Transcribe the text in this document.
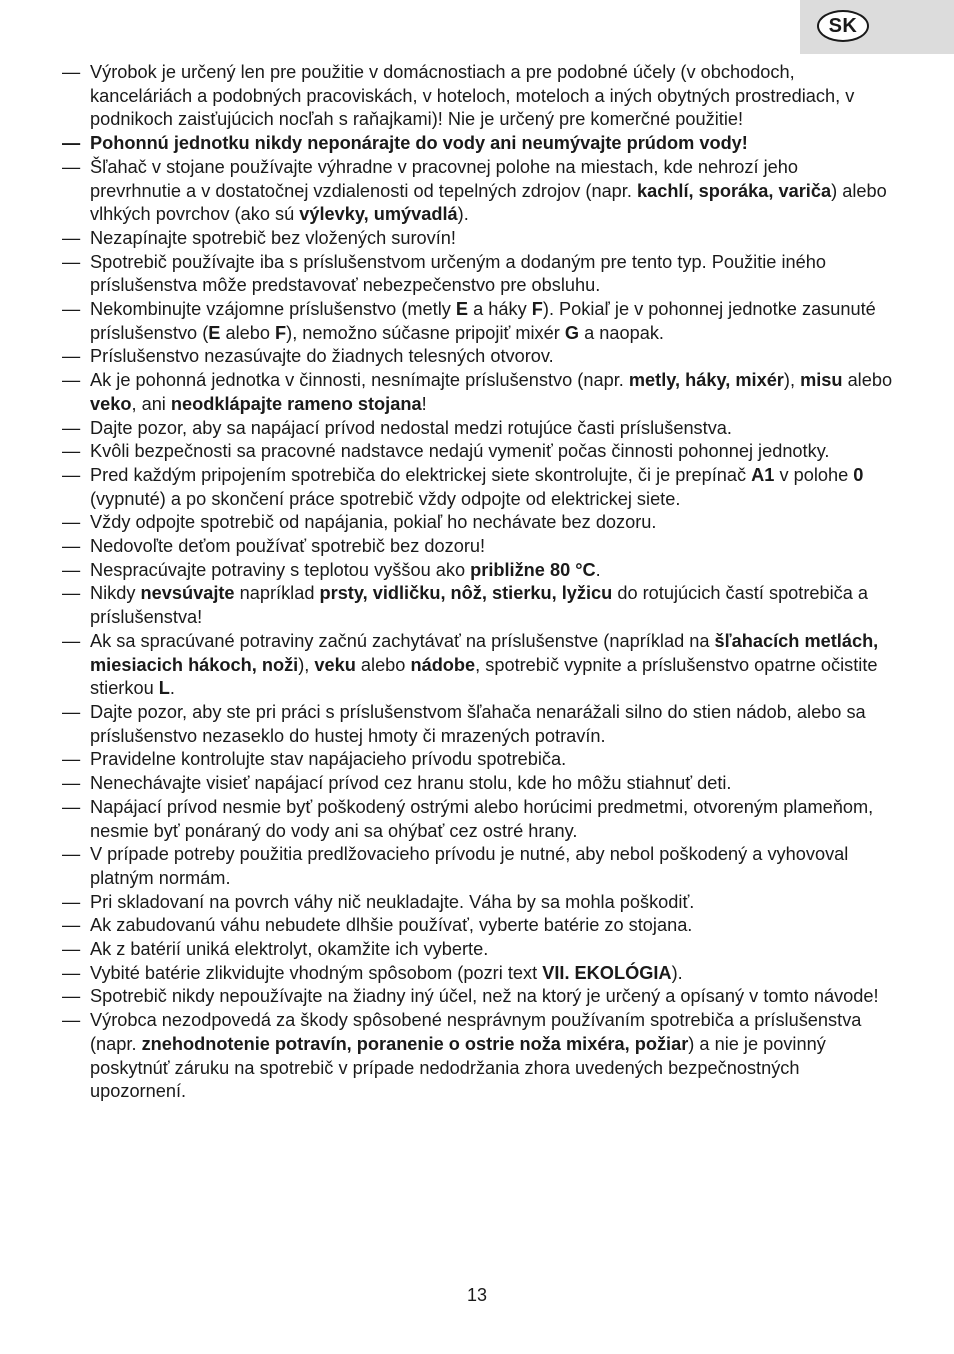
SK
— Výrobok je určený len pre použitie v domácnostiach a pre podobné účely (v obchodoch, kanceláriách a podobných pracoviskách, v hoteloch, moteloch a iných obytných prostrediach, v podnikoch zaisťujúcich nocľah s raňajkami)! Nie je určený pre komerčné použitie!
— Pohonnú jednotku nikdy neponárajte do vody ani neumývajte prúdom vody!
— Šľahač v stojane používajte výhradne v pracovnej polohe na miestach, kde nehrozí jeho prevrhnutie a v dostatočnej vzdialenosti od tepelných zdrojov (napr. kachlí, sporáka, variča) alebo vlhkých povrchov (ako sú výlevky, umývadlá).
— Nezapínajte spotrebič bez vložených surovín!
— Spotrebič používajte iba s príslušenstvom určeným a dodaným pre tento typ. Použitie iného príslušenstva môže predstavovať nebezpečenstvo pre obsluhu.
— Nekombinujte vzájomne príslušenstvo (metly E a háky F). Pokiaľ je v pohonnej jednotke zasunuté príslušenstvo (E alebo F), nemožno súčasne pripojiť mixér G a naopak.
— Príslušenstvo nezasúvajte do žiadnych telesných otvorov.
— Ak je pohonná jednotka v činnosti, nesnímajte príslušenstvo (napr. metly, háky, mixér), misu alebo veko, ani neodklápajte rameno stojana!
— Dajte pozor, aby sa napájací prívod nedostal medzi rotujúce časti príslušenstva.
— Kvôli bezpečnosti sa pracovné nadstavce nedajú vymeniť počas činnosti pohonnej jednotky.
— Pred každým pripojením spotrebiča do elektrickej siete skontrolujte, či je prepínač A1 v polohe 0 (vypnuté) a po skončení práce spotrebič vždy odpojte od elektrickej siete.
— Vždy odpojte spotrebič od napájania, pokiaľ ho nechávate bez dozoru.
— Nedovoľte deťom používať spotrebič bez dozoru!
— Nespracúvajte potraviny s teplotou vyššou ako približne 80 °C.
— Nikdy nevsúvajte napríklad prsty, vidličku, nôž, stierku, lyžicu do rotujúcich častí spotrebiča a príslušenstva!
— Ak sa spracúvané potraviny začnú zachytávať na príslušenstve (napríklad na šľahacích metlách, miesiacich hákoch, noži), veku alebo nádobe, spotrebič vypnite a príslušenstvo opatrne očistite stierkou L.
— Dajte pozor, aby ste pri práci s príslušenstvom šľahača nenarážali silno do stien nádob, alebo sa príslušenstvo nezaseklo do hustej hmoty či mrazených potravín.
— Pravidelne kontrolujte stav napájacieho prívodu spotrebiča.
— Nenechávajte visieť napájací prívod cez hranu stolu, kde ho môžu stiahnuť deti.
— Napájací prívod nesmie byť poškodený ostrými alebo horúcimi predmetmi, otvoreným plameňom, nesmie byť ponáraný do vody ani sa ohýbať cez ostré hrany.
— V prípade potreby použitia predlžovacieho prívodu je nutné, aby nebol poškodený a vyhovoval platným normám.
— Pri skladovaní na povrch váhy nič neukladajte. Váha by sa mohla poškodiť.
— Ak zabudovanú váhu nebudete dlhšie používať, vyberte batérie zo stojana.
— Ak z batérií uniká elektrolyt, okamžite ich vyberte.
— Vybité batérie zlikvidujte vhodným spôsobom (pozri text VII. EKOLÓGIA).
— Spotrebič nikdy nepoužívajte na žiadny iný účel, než na ktorý je určený a opísaný v tomto návode!
— Výrobca nezodpovedá za škody spôsobené nesprávnym používaním spotrebiča a príslušenstva (napr. znehodnotenie potravín, poranenie o ostrie noža mixéra, požiar) a nie je povinný poskytnúť záruku na spotrebič v prípade nedodržania zhora uvedených bezpečnostných upozornení.
13
